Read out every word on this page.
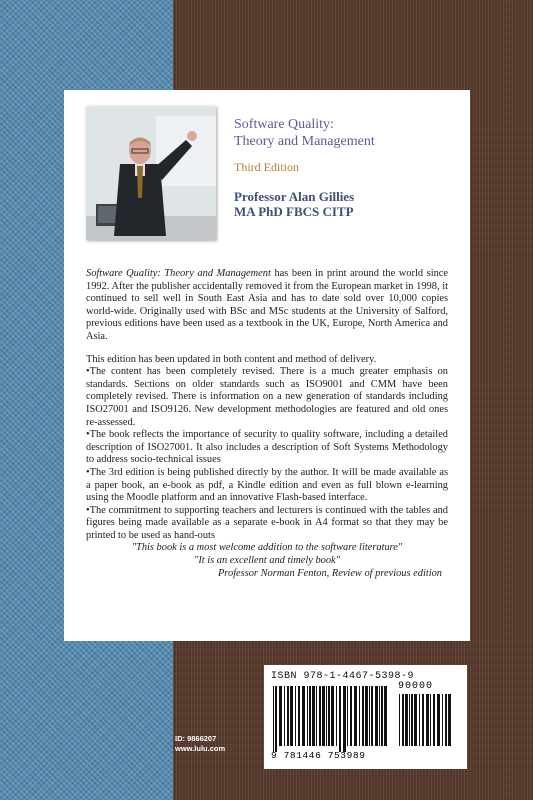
Software Quality:
Theory and Management

Third Edition

Professor Alan Gillies
MA PhD FBCS CITP

Software Quality: Theory and Management has been in print around the world since 1992. After the publisher accidentally removed it from the European market in 1998, it continued to sell well in South East Asia and has to date sold over 10,000 copies world-wide. Originally used with BSc and MSc students at the University of Salford, previous editions have been used as a textbook in the UK, Europe, North America and Asia.

This edition has been updated in both content and method of delivery.

•The content has been completely revised. There is a much greater emphasis on standards. Sections on older standards such as ISO9001 and CMM have been completely revised. There is information on a new generation of standards including ISO27001 and ISO9126. New development methodologies are featured and old ones re-assessed.

•The book reflects the importance of security to quality software, including a detailed description of ISO27001. It also includes a description of Soft Systems Methodology to address socio-technical issues

•The 3rd edition is being published directly by the author. It will be made available as a paper book, an e-book as pdf, a Kindle edition and even as full blown e-learning using the Moodle platform and an innovative Flash-based interface.

•The commitment to supporting teachers and lecturers is continued with the tables and figures being made available as a separate e-book in A4 format so that they may be printed to be used as hand-outs

"This book is a most welcome addition to the software literature"

"It is an excellent and timely book"

Professor Norman Fenton, Review of previous edition

ID: 9866207
www.lulu.com
ISBN 978-1-4467-5398-9
90000
9 781446 753989
